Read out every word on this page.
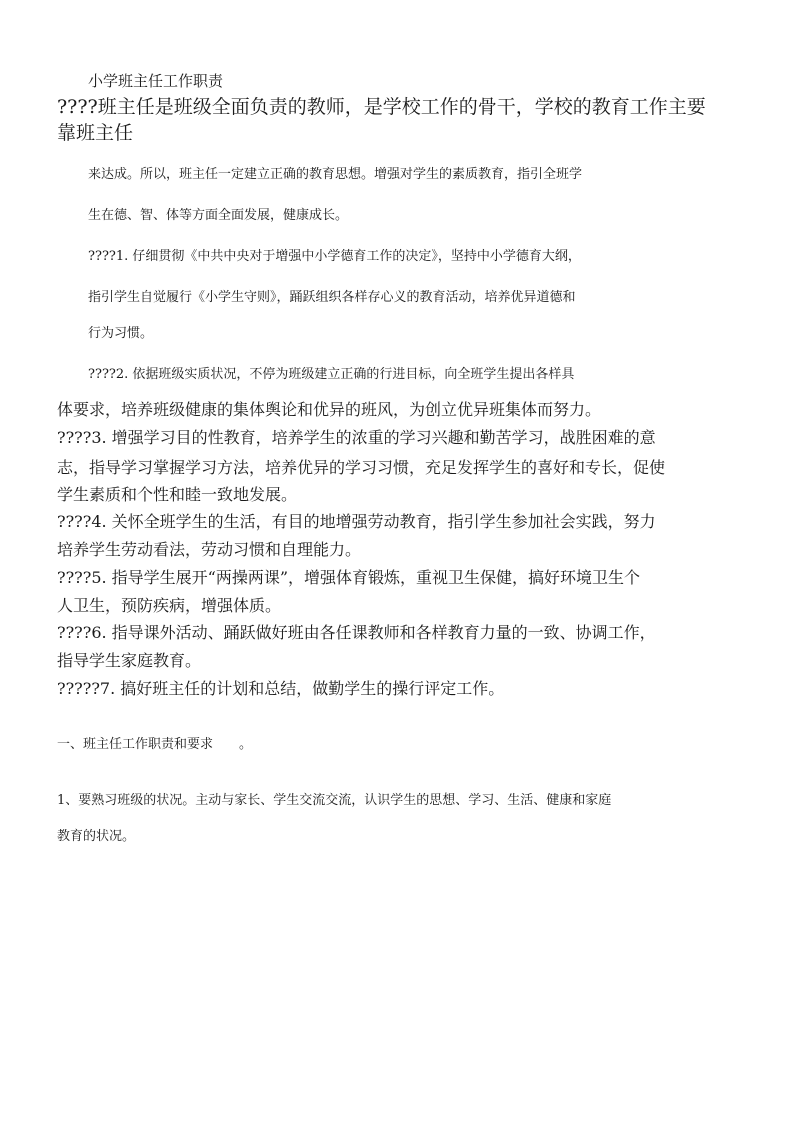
小学班主任工作职责
????班主任是班级全面负责的教师，是学校工作的骨干，学校的教育工作主要
靠班主任
来达成。所以，班主任一定建立正确的教育思想。增强对学生的素质教育，指引全班学
生在德、智、体等方面全面发展，健康成长。
????1. 仔细贯彻《中共中央对于增强中小学德育工作的决定》，坚持中小学德育大纲，
指引学生自觉履行《小学生守则》，踊跃组织各样存心义的教育活动，培养优异道德和
行为习惯。
????2. 依据班级实质状况，不停为班级建立正确的行进目标，向全班学生提出各样具
体要求，培养班级健康的集体舆论和优异的班风，为创立优异班集体而努力。
????3. 增强学习目的性教育，培养学生的浓重的学习兴趣和勤苦学习，战胜困难的意
志，指导学习掌握学习方法，培养优异的学习习惯，充足发挥学生的喜好和专长，促使
学生素质和个性和睦一致地发展。
????4. 关怀全班学生的生活，有目的地增强劳动教育，指引学生参加社会实践，努力
培养学生劳动看法，劳动习惯和自理能力。
????5. 指导学生展开“两操两课”，增强体育锻炼，重视卫生保健，搞好环境卫生个
人卫生，预防疾病，增强体质。
????6. 指导课外活动、踊跃做好班由各任课教师和各样教育力量的一致、协调工作，
指导学生家庭教育。
?????7. 搞好班主任的计划和总结，做勤学生的操行评定工作。
一、班主任工作职责和要求　　。
1、要熟习班级的状况。主动与家长、学生交流交流，认识学生的思想、学习、生活、健康和家庭
教育的状况。
